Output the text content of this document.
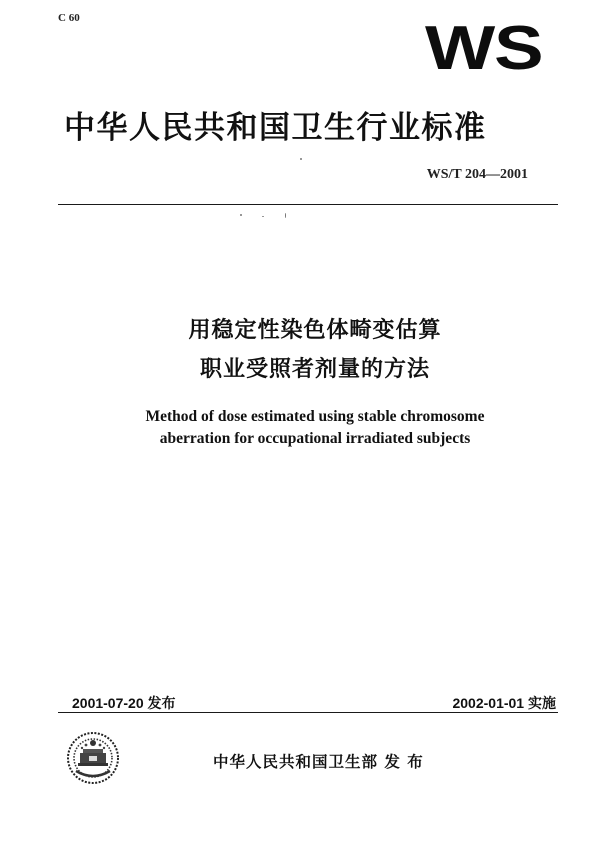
C 60	WS
中华人民共和国卫生行业标准
WS/T 204—2001
用稳定性染色体畸变估算
职业受照者剂量的方法
Method of dose estimated using stable chromosome
aberration for occupational irradiated subjects
2001-07-20 发布	2002-01-01 实施
中华人民共和国卫生部 发 布
